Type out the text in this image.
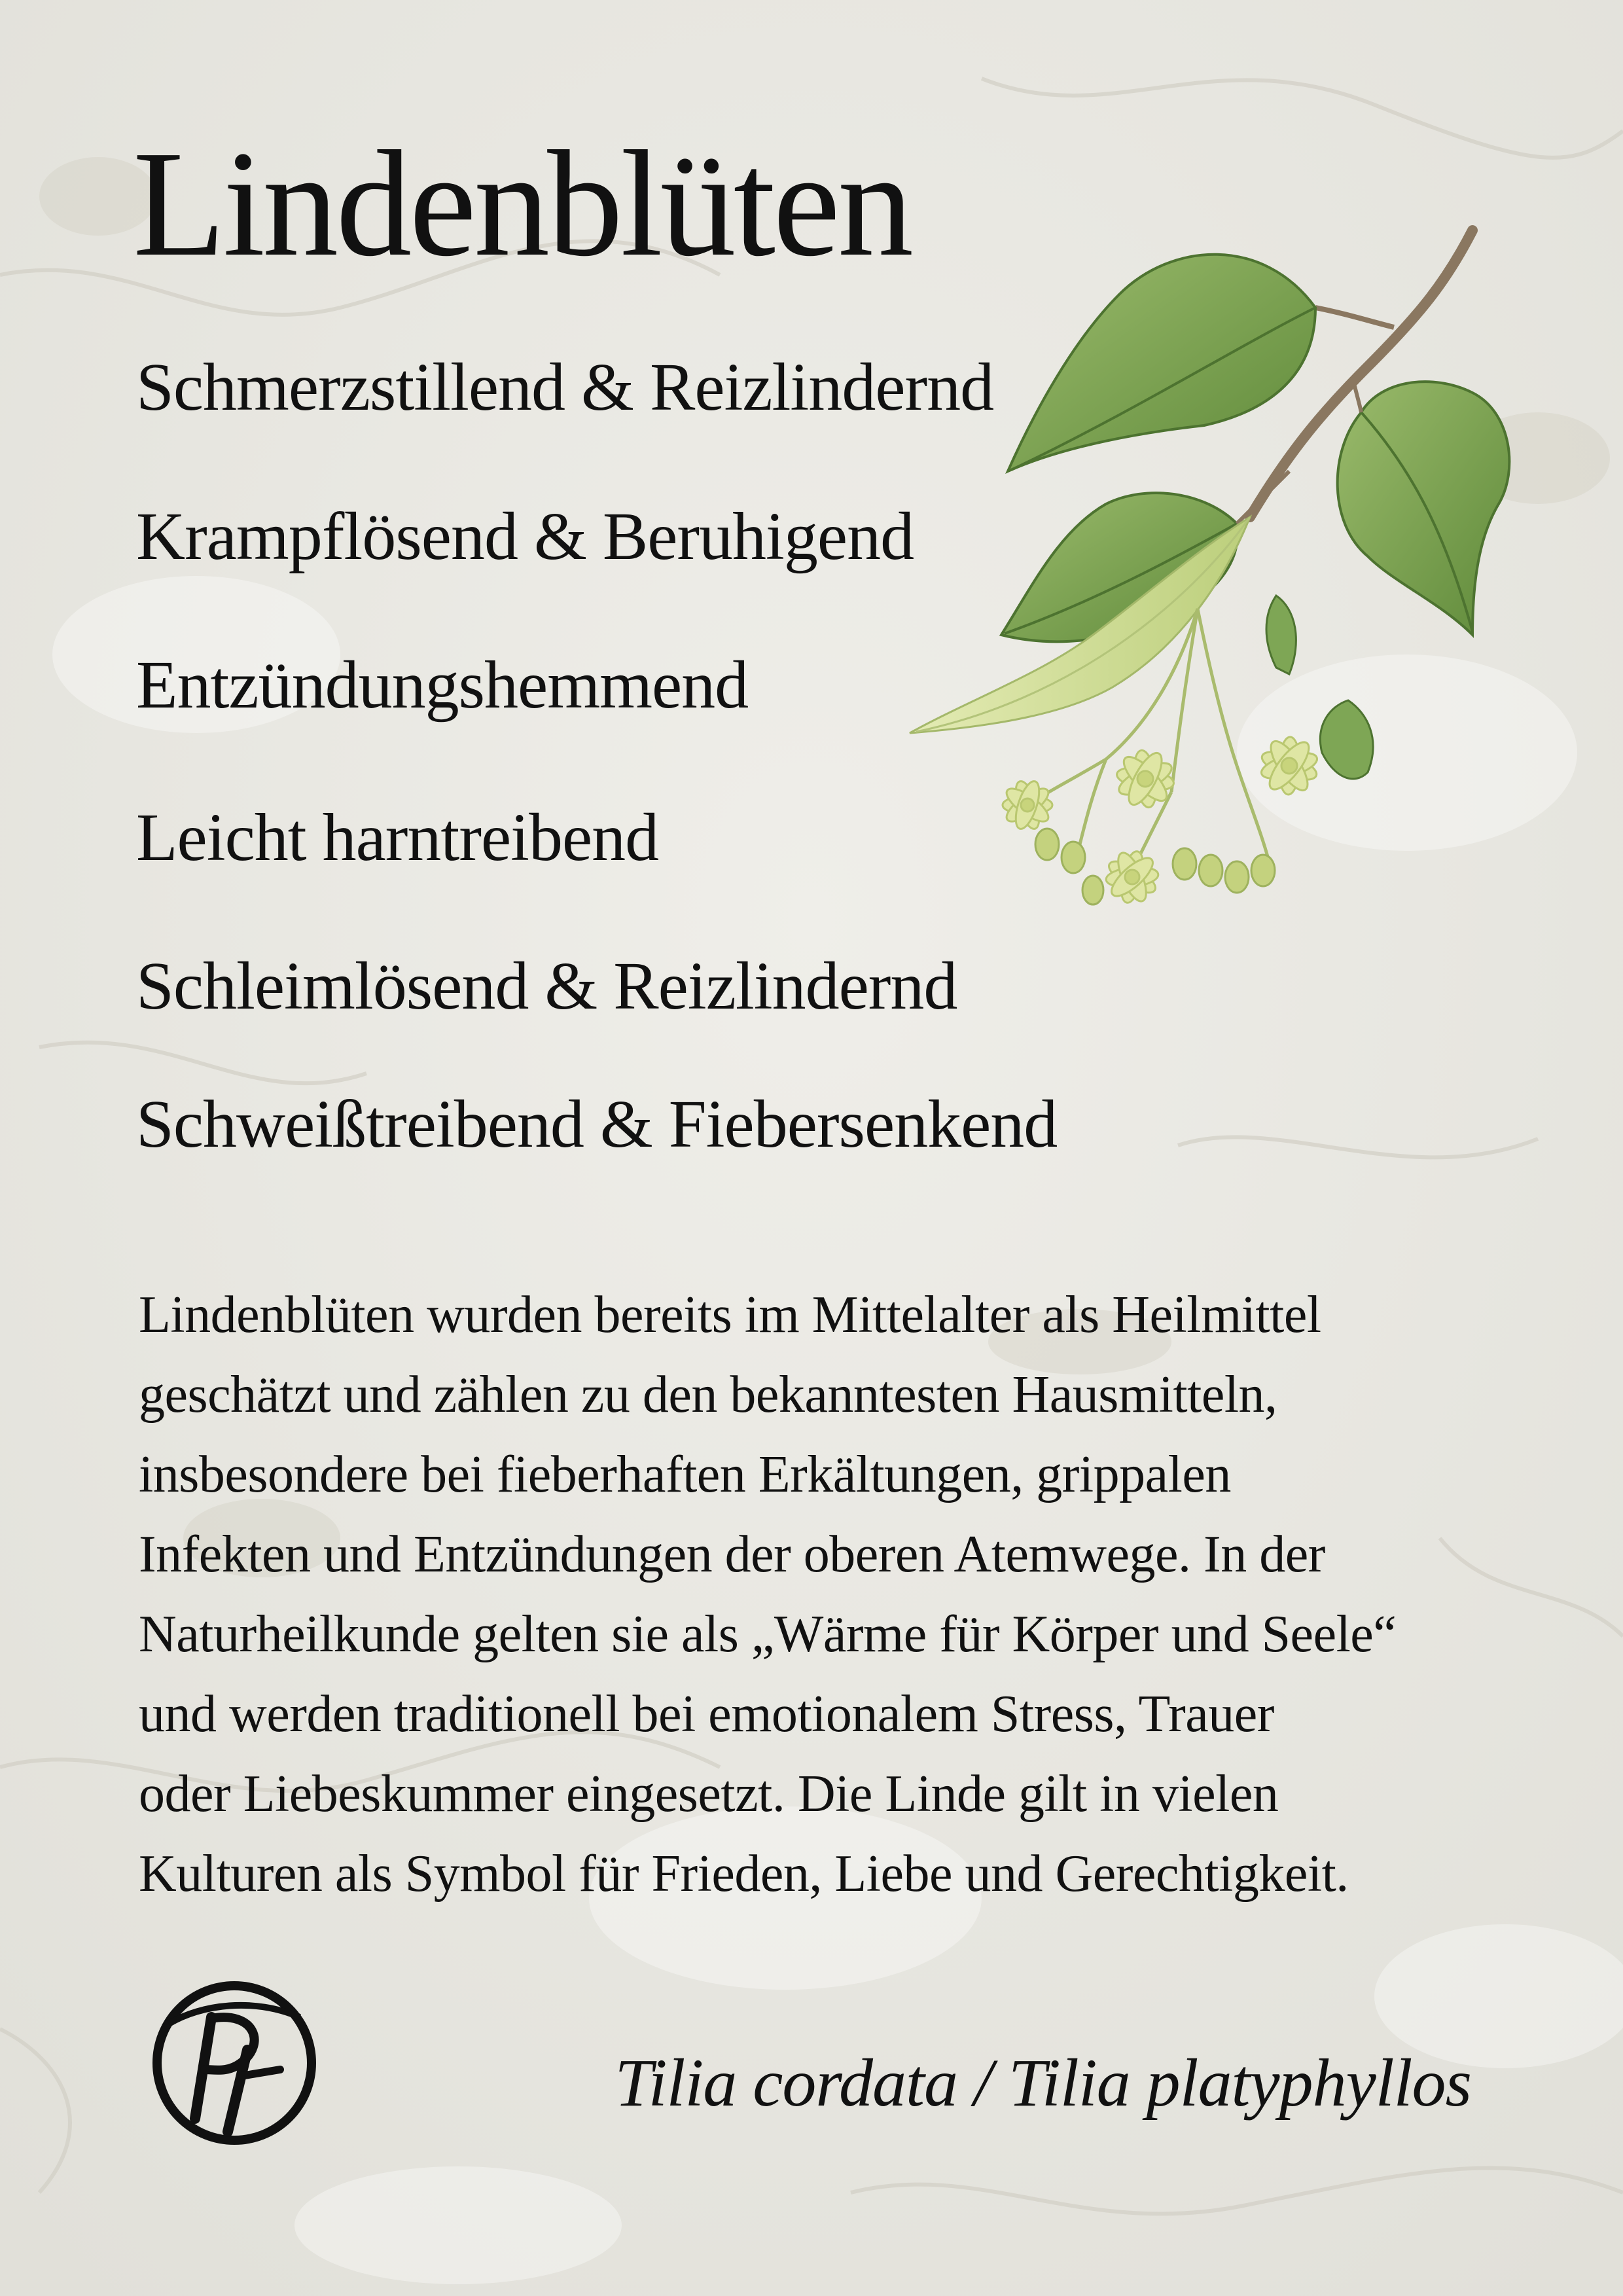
Lindenblüten
Schmerzstillend & Reizlindernd
Krampflösend & Beruhigend
Entzündungshemmend
Leicht harntreibend
Schleimlösend & Reizlindernd
Schweißtreibend & Fiebersenkend
Lindenblüten wurden bereits im Mittelalter als Heilmittel
geschätzt und zählen zu den bekanntesten Hausmitteln,
insbesondere bei fieberhaften Erkältungen, grippalen
Infekten und Entzündungen der oberen Atemwege. In der
Naturheilkunde gelten sie als „Wärme für Körper und Seele“
und werden traditionell bei emotionalem Stress, Trauer
oder Liebeskummer eingesetzt. Die Linde gilt in vielen
Kulturen als Symbol für Frieden, Liebe und Gerechtigkeit.
Tilia cordata / Tilia platyphyllos
